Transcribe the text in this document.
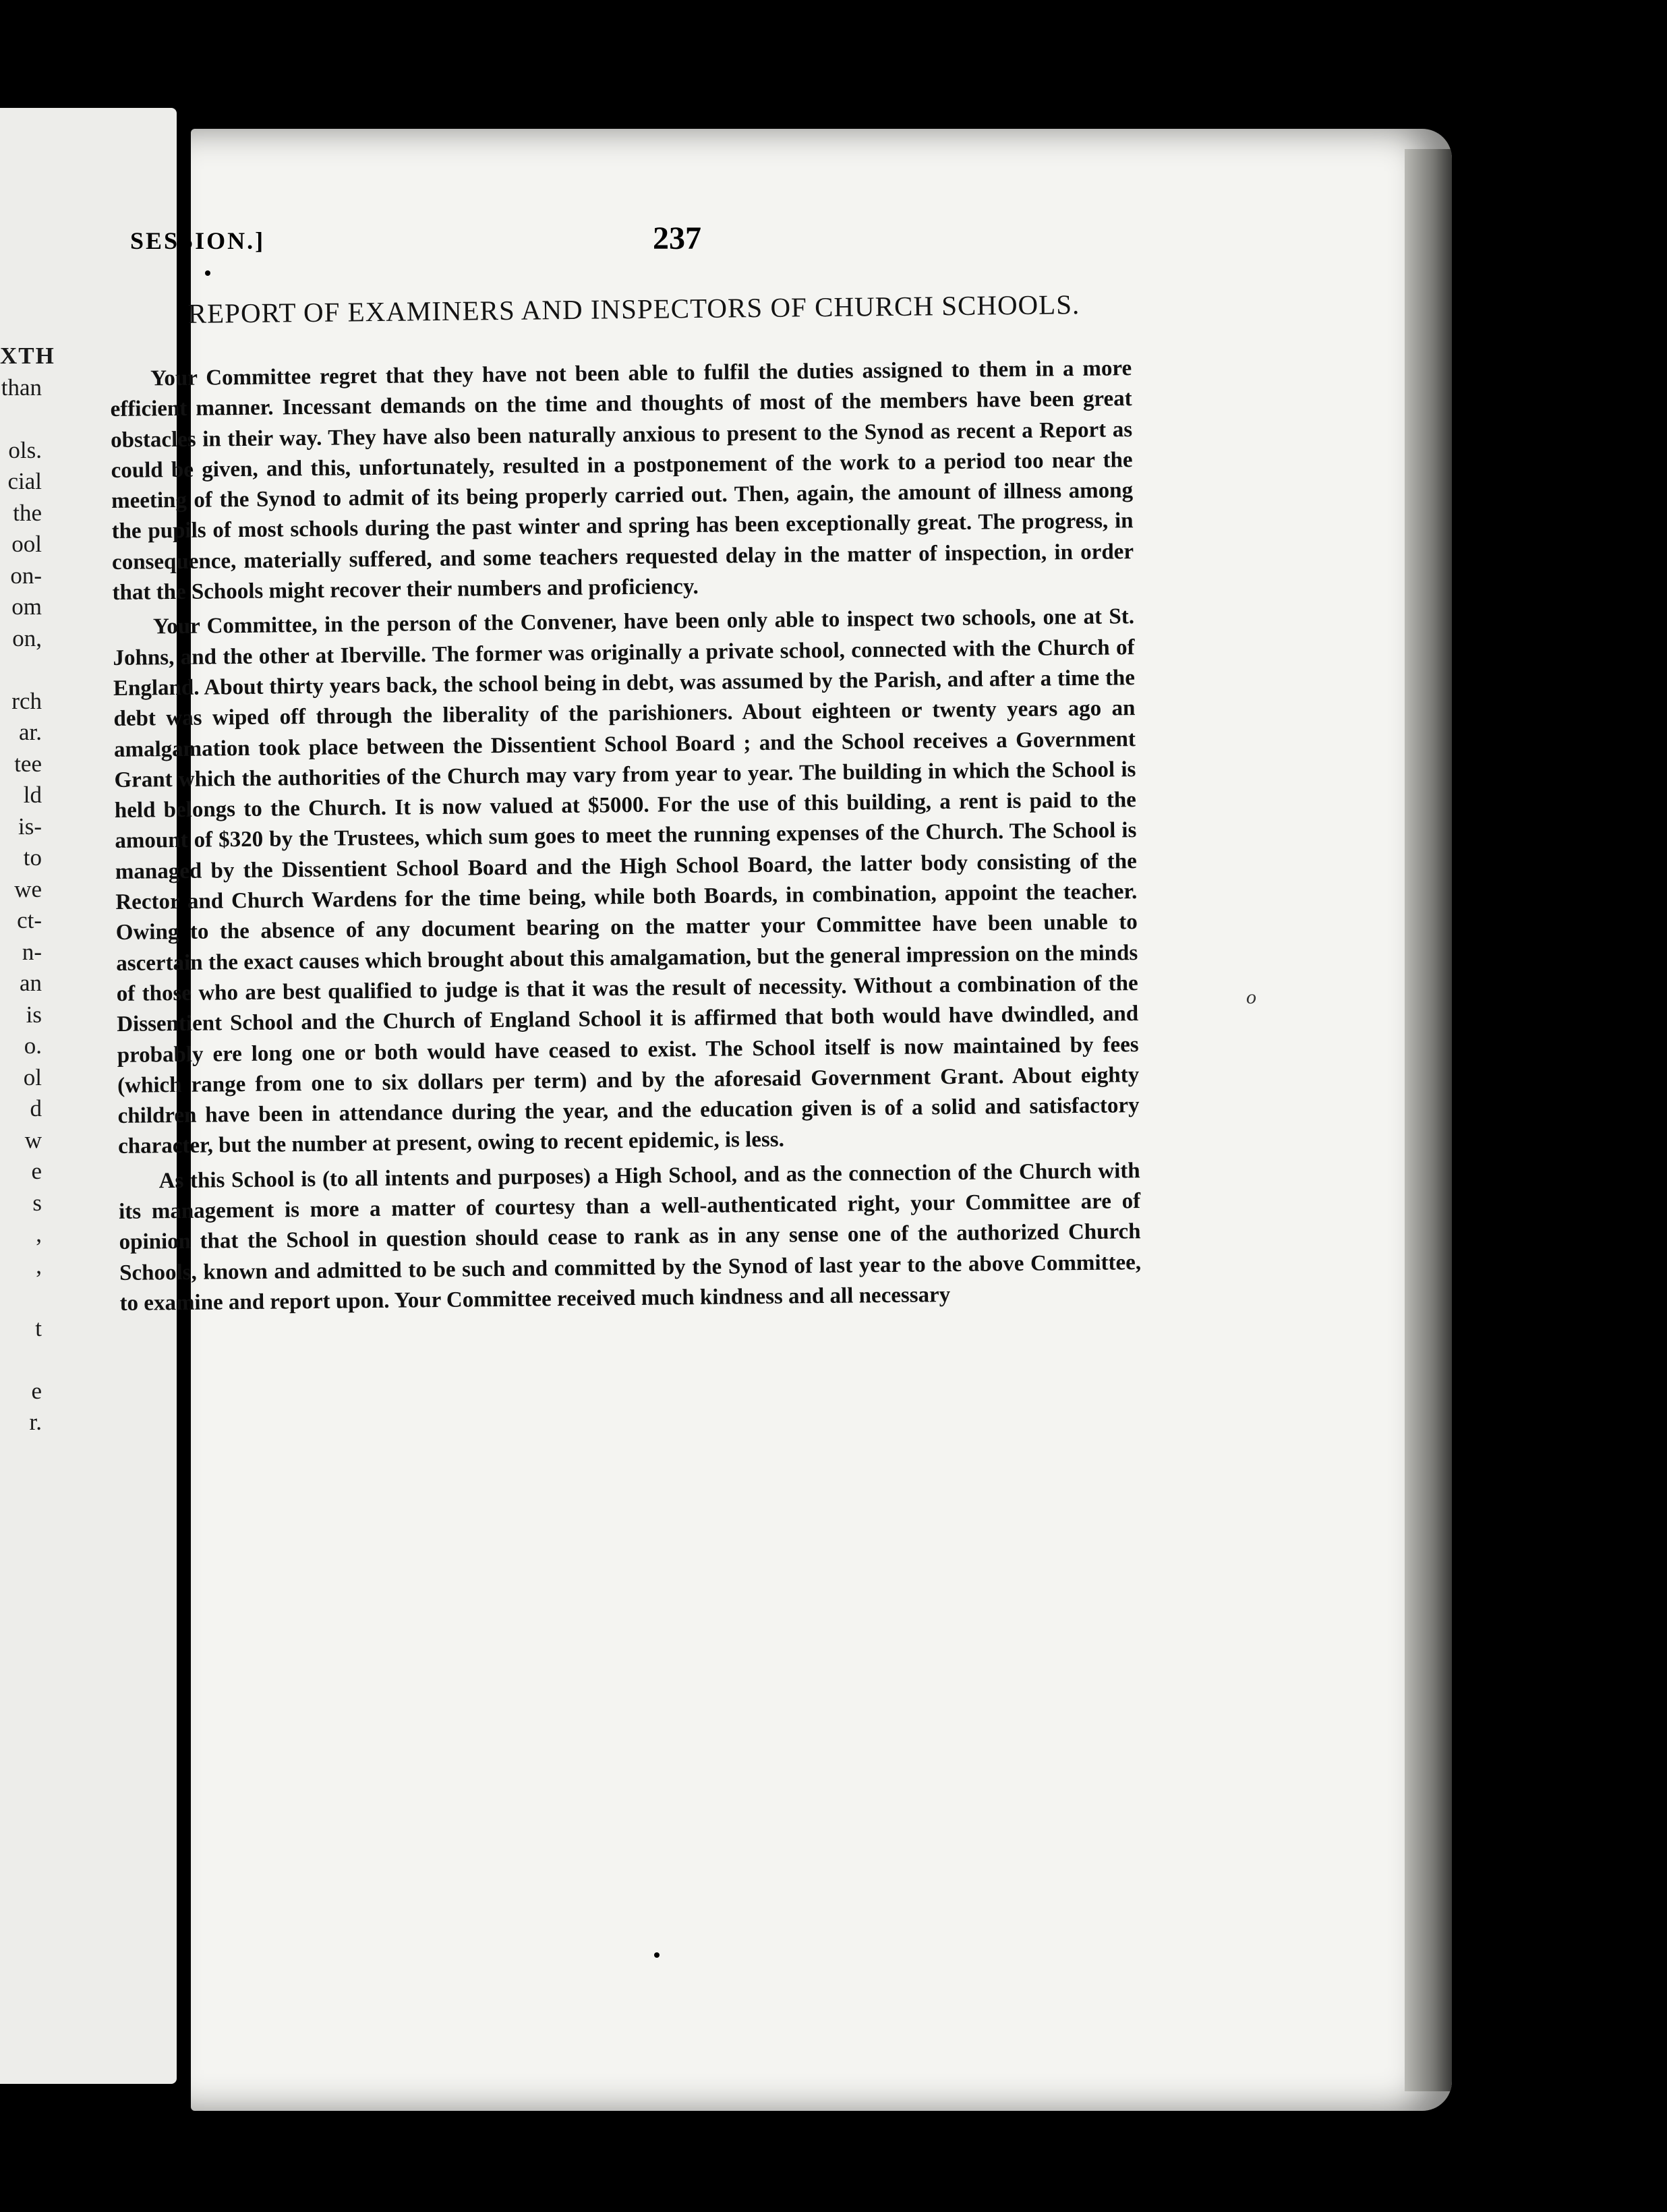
XTH
than

ols.
cial
the
ool
on-
om
on,

rch
ar.
tee
ld
is-
to
we
ct-
n-
an
is
o.
ol
d
w
e
s
,
,

t

e
r.
SESSION.]	237
REPORT OF EXAMINERS AND INSPECTORS OF CHURCH SCHOOLS.

Your Committee regret that they have not been able to fulfil the duties assigned to them in a more efficient manner. Incessant demands on the time and thoughts of most of the members have been great obstacles in their way. They have also been naturally anxious to present to the Synod as recent a Report as could be given, and this, unfortunately, resulted in a postponement of the work to a period too near the meeting of the Synod to admit of its being properly carried out. Then, again, the amount of illness among the pupils of most schools during the past winter and spring has been exceptionally great. The progress, in consequence, materially suffered, and some teachers requested delay in the matter of inspection, in order that the Schools might recover their numbers and proficiency.

Your Committee, in the person of the Convener, have been only able to inspect two schools, one at St. Johns, and the other at Iberville. The former was originally a private school, connected with the Church of England. About thirty years back, the school being in debt, was assumed by the Parish, and after a time the debt was wiped off through the liberality of the parishioners. About eighteen or twenty years ago an amalgamation took place between the Dissentient School Board ; and the School receives a Government Grant which the authorities of the Church may vary from year to year. The building in which the School is held belongs to the Church. It is now valued at $5000. For the use of this building, a rent is paid to the amount of $320 by the Trustees, which sum goes to meet the running expenses of the Church. The School is managed by the Dissentient School Board and the High School Board, the latter body consisting of the Rector and Church Wardens for the time being, while both Boards, in combination, appoint the teacher. Owing to the absence of any document bearing on the matter your Committee have been unable to ascertain the exact causes which brought about this amalgamation, but the general impression on the minds of those who are best qualified to judge is that it was the result of necessity. Without a combination of the Dissentient School and the Church of England School it is affirmed that both would have dwindled, and probably ere long one or both would have ceased to exist. The School itself is now maintained by fees (which range from one to six dollars per term) and by the aforesaid Government Grant. About eighty children have been in attendance during the year, and the education given is of a solid and satisfactory character, but the number at present, owing to recent epidemic, is less.

As this School is (to all intents and purposes) a High School, and as the connection of the Church with its management is more a matter of courtesy than a well-authenticated right, your Committee are of opinion that the School in question should cease to rank as in any sense one of the authorized Church Schools, known and admitted to be such and committed by the Synod of last year to the above Committee, to examine and report upon. Your Committee received much kindness and all necessary

o
